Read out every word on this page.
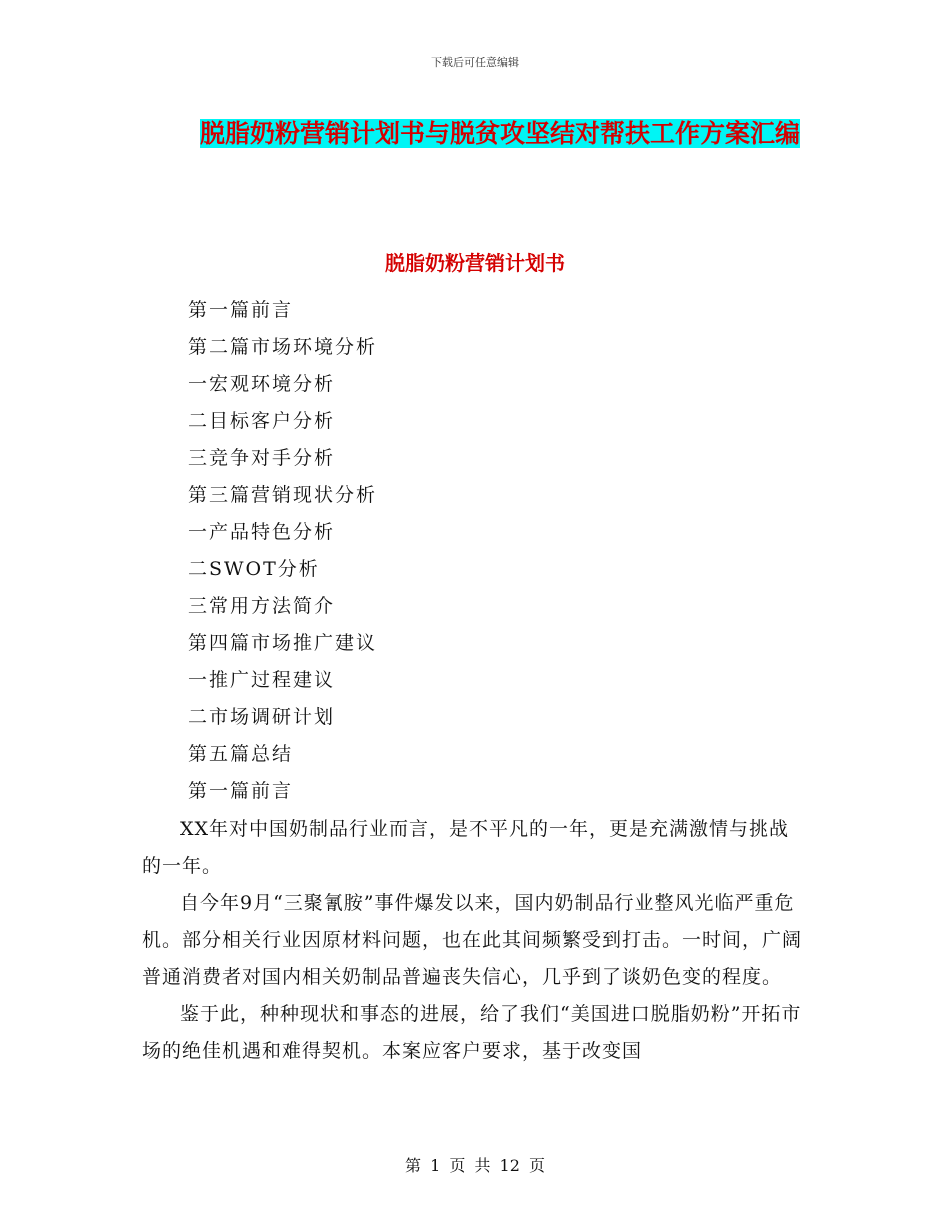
下载后可任意编辑
脱脂奶粉营销计划书与脱贫攻坚结对帮扶工作方案汇编
脱脂奶粉营销计划书
第一篇前言
第二篇市场环境分析
一宏观环境分析
二目标客户分析
三竞争对手分析
第三篇营销现状分析
一产品特色分析
二SWOT分析
三常用方法简介
第四篇市场推广建议
一推广过程建议
二市场调研计划
第五篇总结
第一篇前言

XX年对中国奶制品行业而言，是不平凡的一年，更是充满激情与挑战的一年。

自今年9月“三聚氰胺”事件爆发以来，国内奶制品行业整风光临严重危机。部分相关行业因原材料问题，也在此其间频繁受到打击。一时间，广阔普通消费者对国内相关奶制品普遍丧失信心，几乎到了谈奶色变的程度。

鉴于此，种种现状和事态的进展，给了我们“美国进口脱脂奶粉”开拓市场的绝佳机遇和难得契机。本案应客户要求，基于改变国

第 1 页 共 12 页
